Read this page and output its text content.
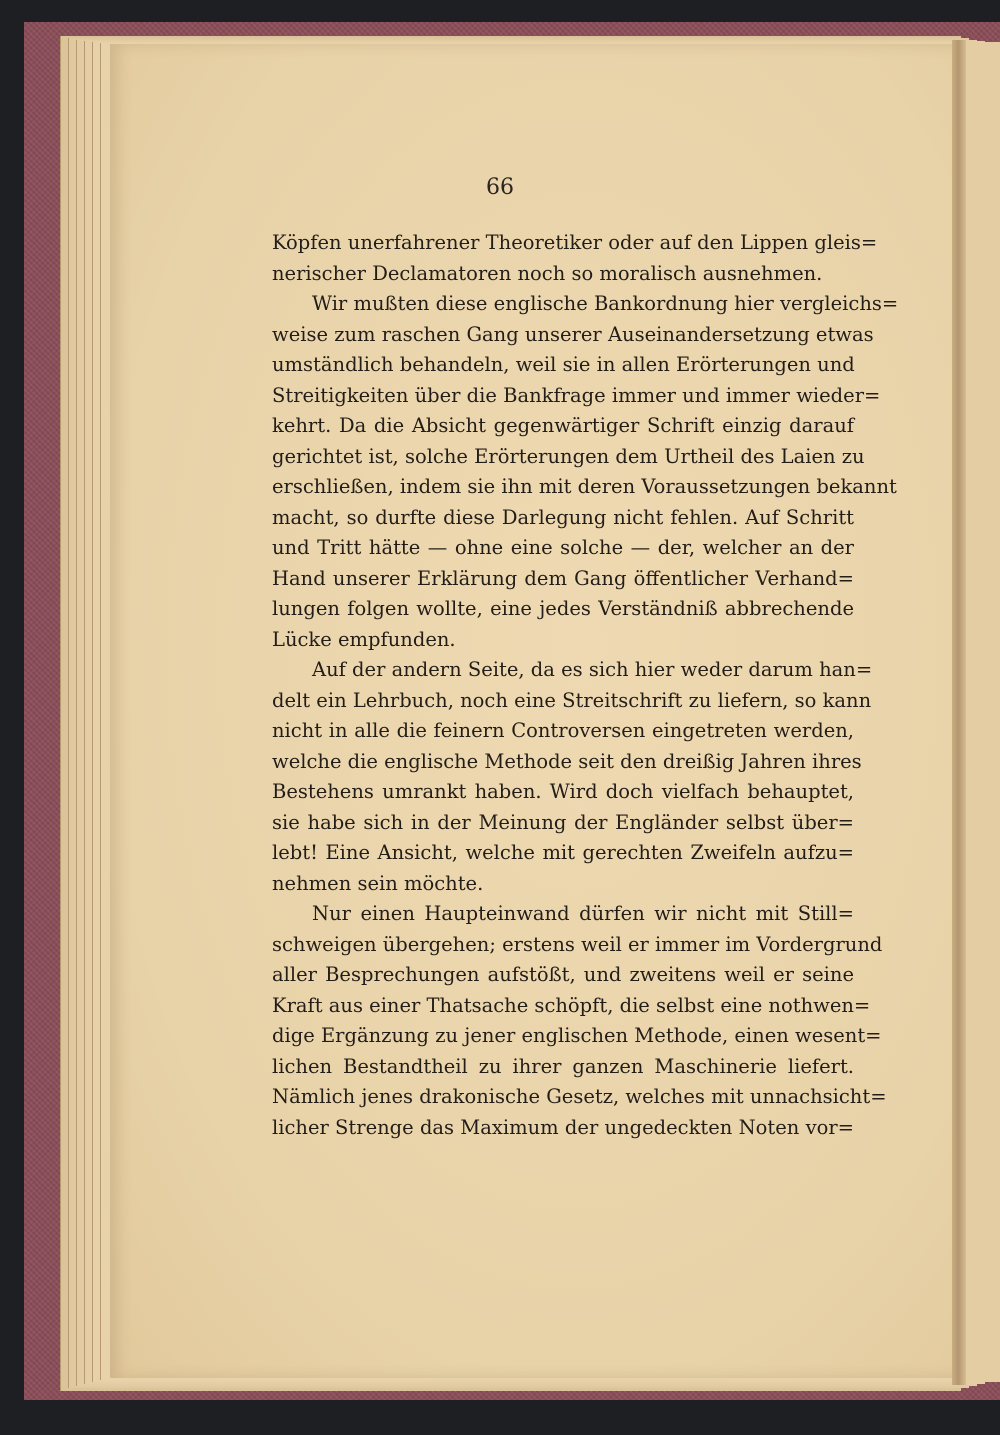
66
Köpfen unerfahrener Theoretiker oder auf den Lippen gleis=
nerischer Declamatoren noch so moralisch ausnehmen.
Wir mußten diese englische Bankordnung hier vergleichs=
weise zum raschen Gang unserer Auseinandersetzung etwas
umständlich behandeln, weil sie in allen Erörterungen und
Streitigkeiten über die Bankfrage immer und immer wieder=
kehrt. Da die Absicht gegenwärtiger Schrift einzig darauf
gerichtet ist, solche Erörterungen dem Urtheil des Laien zu
erschließen, indem sie ihn mit deren Voraussetzungen bekannt
macht, so durfte diese Darlegung nicht fehlen. Auf Schritt
und Tritt hätte — ohne eine solche — der, welcher an der
Hand unserer Erklärung dem Gang öffentlicher Verhand=
lungen folgen wollte, eine jedes Verständniß abbrechende
Lücke empfunden.
Auf der andern Seite, da es sich hier weder darum han=
delt ein Lehrbuch, noch eine Streitschrift zu liefern, so kann
nicht in alle die feinern Controversen eingetreten werden,
welche die englische Methode seit den dreißig Jahren ihres
Bestehens umrankt haben. Wird doch vielfach behauptet,
sie habe sich in der Meinung der Engländer selbst über=
lebt! Eine Ansicht, welche mit gerechten Zweifeln aufzu=
nehmen sein möchte.
Nur einen Haupteinwand dürfen wir nicht mit Still=
schweigen übergehen; erstens weil er immer im Vordergrund
aller Besprechungen aufstößt, und zweitens weil er seine
Kraft aus einer Thatsache schöpft, die selbst eine nothwen=
dige Ergänzung zu jener englischen Methode, einen wesent=
lichen Bestandtheil zu ihrer ganzen Maschinerie liefert.
Nämlich jenes drakonische Gesetz, welches mit unnachsicht=
licher Strenge das Maximum der ungedeckten Noten vor=
